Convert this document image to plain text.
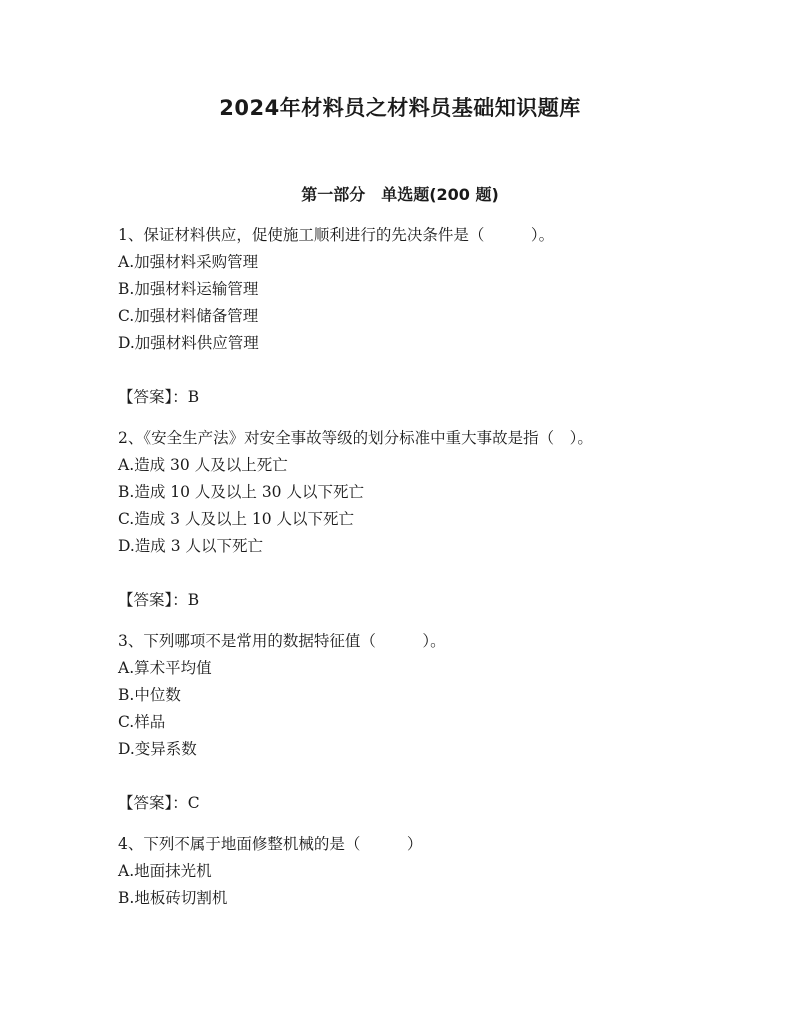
2024年材料员之材料员基础知识题库
第一部分　单选题(200 题)

1、保证材料供应，促使施工顺利进行的先决条件是（　　　）。

A.加强材料采购管理

B.加强材料运输管理

C.加强材料储备管理

D.加强材料供应管理

【答案】：B

2、《安全生产法》对安全事故等级的划分标准中重大事故是指（　）。

A.造成 30 人及以上死亡

B.造成 10 人及以上 30 人以下死亡

C.造成 3 人及以上 10 人以下死亡

D.造成 3 人以下死亡

【答案】：B

3、下列哪项不是常用的数据特征值（　　　）。

A.算术平均值

B.中位数

C.样品

D.变异系数

【答案】：C

4、下列不属于地面修整机械的是（　　　）

A.地面抹光机

B.地板砖切割机
